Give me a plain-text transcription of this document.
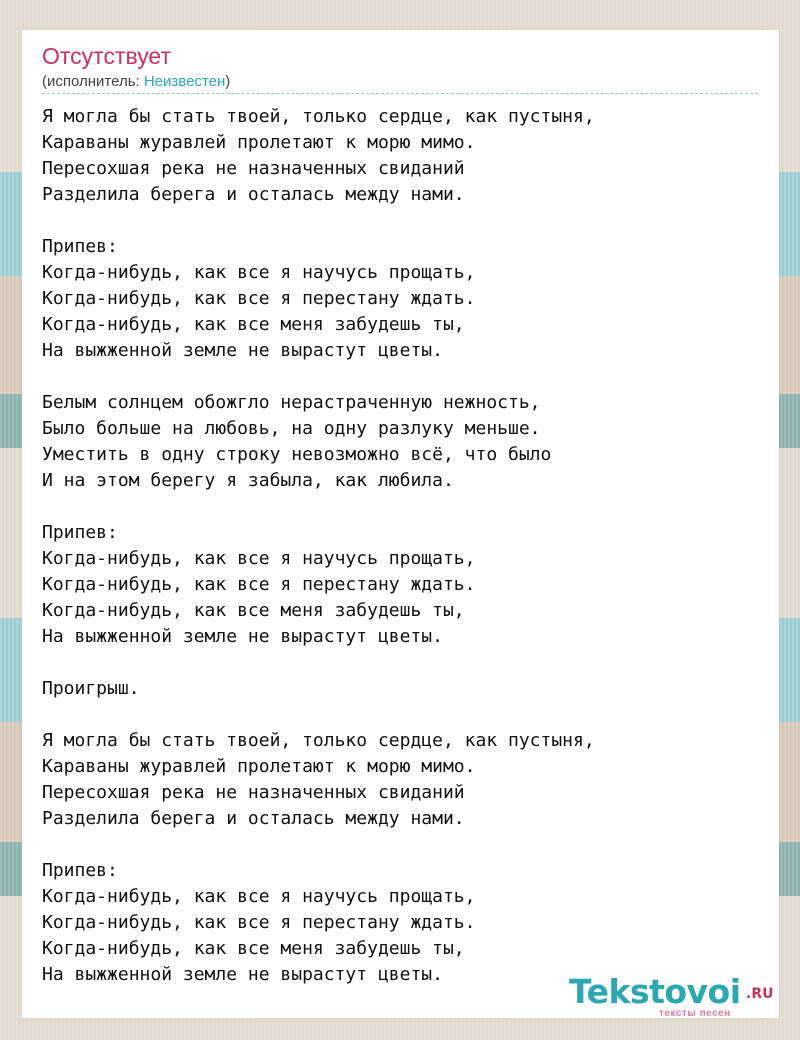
Отсутствует
(исполнитель: Неизвестен)
Я могла бы стать твоей, только сердце, как пустыня,
Караваны журавлей пролетают к морю мимо.
Пересохшая река не назначенных свиданий
Разделила берега и осталась между нами.

Припев:
Когда-нибудь, как все я научусь прощать,
Когда-нибудь, как все я перестану ждать.
Когда-нибудь, как все меня забудешь ты,
На выжженной земле не вырастут цветы.

Белым солнцем обожгло нерастраченную нежность,
Было больше на любовь, на одну разлуку меньше.
Уместить в одну строку невозможно всё, что было
И на этом берегу я забыла, как любила.

Припев:
Когда-нибудь, как все я научусь прощать,
Когда-нибудь, как все я перестану ждать.
Когда-нибудь, как все меня забудешь ты,
На выжженной земле не вырастут цветы.

Проигрыш.

Я могла бы стать твоей, только сердце, как пустыня,
Караваны журавлей пролетают к морю мимо.
Пересохшая река не назначенных свиданий
Разделила берега и осталась между нами.

Припев:
Когда-нибудь, как все я научусь прощать,
Когда-нибудь, как все я перестану ждать.
Когда-нибудь, как все меня забудешь ты,
На выжженной земле не вырастут цветы.	Tekstovoi .RU
тексты песен
